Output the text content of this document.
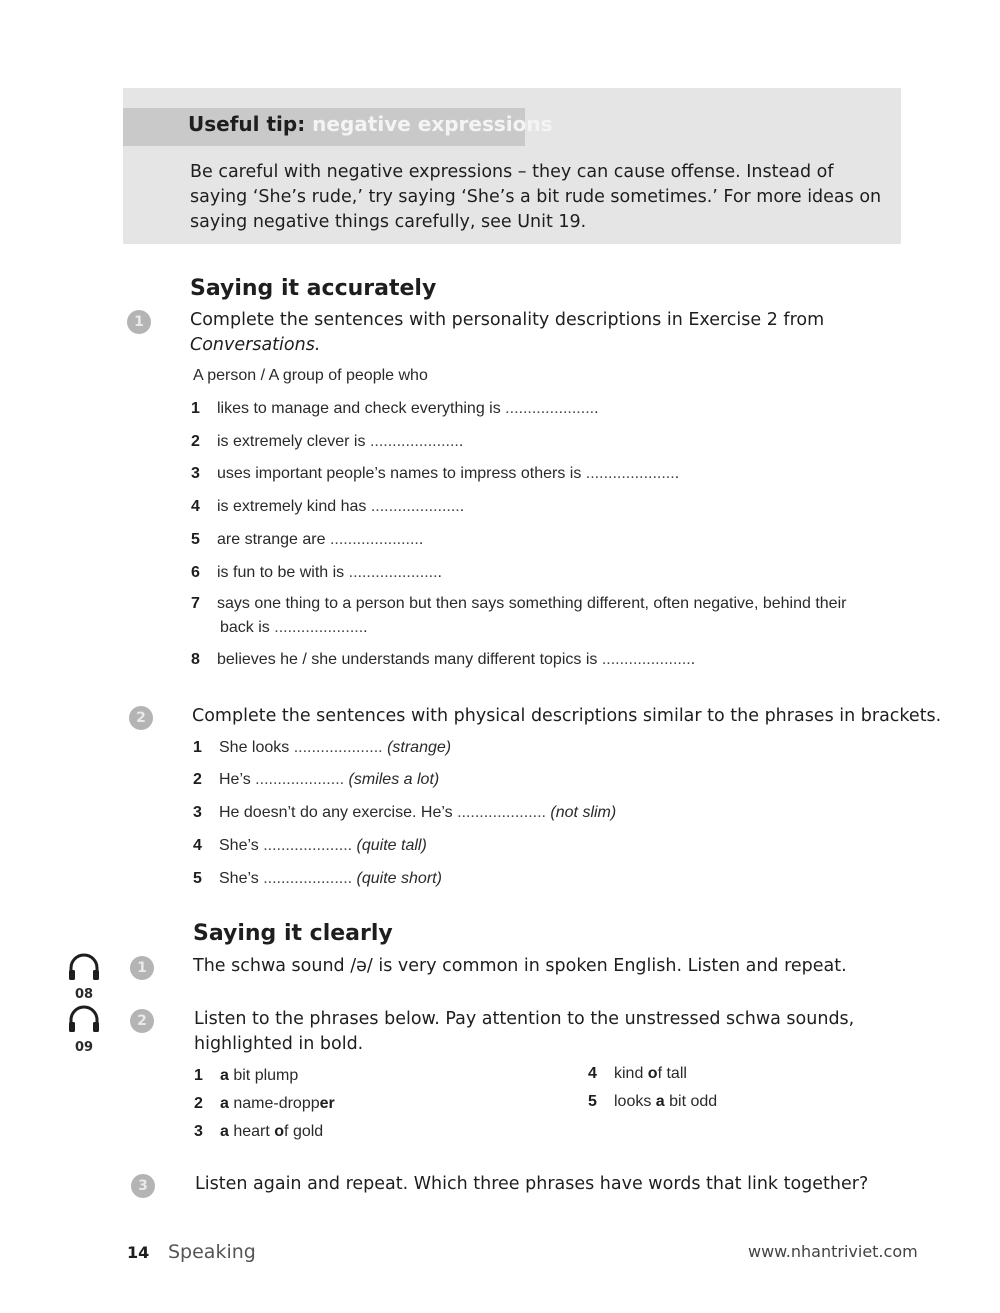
Useful tip: negative expressions
Be careful with negative expressions – they can cause offense. Instead of saying ‘She’s rude,’ try saying ‘She’s a bit rude sometimes.’ For more ideas on saying negative things carefully, see Unit 19.
Saying it accurately
1	Complete the sentences with personality descriptions in Exercise 2 from Conversations.
A person / A group of people who
1 likes to manage and check everything is .....................
2 is extremely clever is .....................
3 uses important people’s names to impress others is .....................
4 is extremely kind has .....................
5 are strange are .....................
6 is fun to be with is .....................
7 says one thing to a person but then says something different, often negative, behind their
back is .....................
8 believes he / she understands many different topics is .....................
2	Complete the sentences with physical descriptions similar to the phrases in brackets.
1 She looks .................... (strange)
2 He’s .................... (smiles a lot)
3 He doesn’t do any exercise. He’s .................... (not slim)
4 She’s .................... (quite tall)
5 She’s .................... (quite short)
Saying it clearly
08
1	The schwa sound /ə/ is very common in spoken English. Listen and repeat.
09
2	Listen to the phrases below. Pay attention to the unstressed schwa sounds, highlighted in bold.
1 a bit plump
2 a name-dropper
3 a heart of gold
4 kind of tall
5 looks a bit odd
3	Listen again and repeat. Which three phrases have words that link together?
14 Speaking	www.nhantriviet.com
